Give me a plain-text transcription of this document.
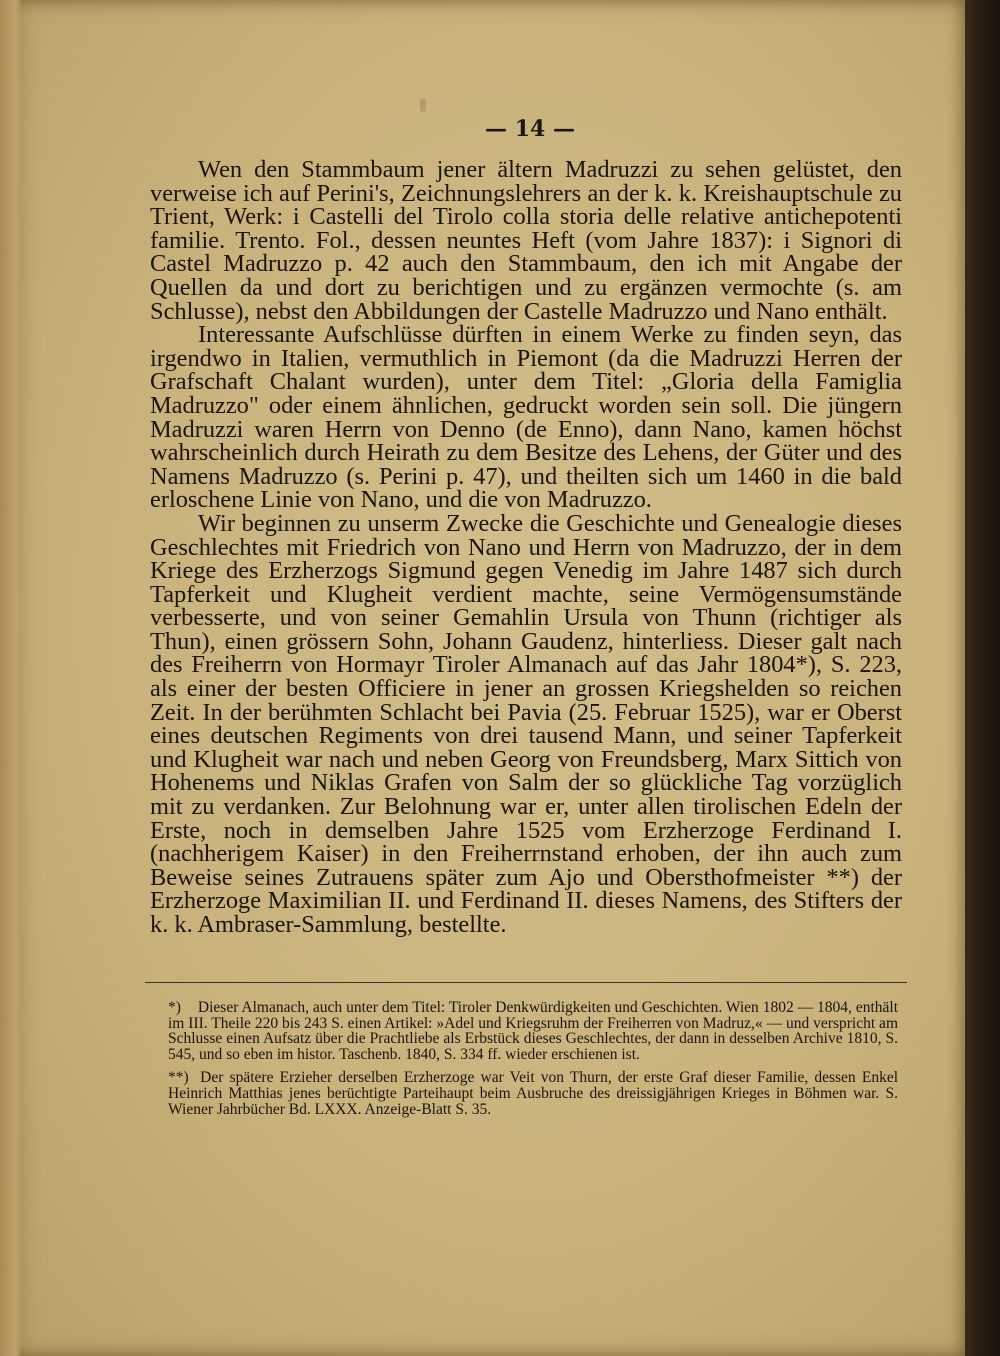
— 14 —

Wen den Stammbaum jener ältern Madruzzi zu sehen gelüstet, den verweise ich auf Perini's, Zeichnungslehrers an der k. k. Kreishauptschule zu Trient, Werk: i Castelli del Tirolo colla storia delle relative antichepotenti familie. Trento. Fol., dessen neuntes Heft (vom Jahre 1837): i Signori di Castel Madruzzo p. 42 auch den Stammbaum, den ich mit Angabe der Quellen da und dort zu berichtigen und zu ergänzen vermochte (s. am Schlusse), nebst den Abbildungen der Castelle Madruzzo und Nano enthält.

Interessante Aufschlüsse dürften in einem Werke zu finden seyn, das irgendwo in Italien, vermuthlich in Piemont (da die Madruzzi Herren der Grafschaft Chalant wurden), unter dem Titel: „Gloria della Famiglia Madruzzo" oder einem ähnlichen, gedruckt worden sein soll. Die jüngern Madruzzi waren Herrn von Denno (de Enno), dann Nano, kamen höchst wahrscheinlich durch Heirath zu dem Besitze des Lehens, der Güter und des Namens Madruzzo (s. Perini p. 47), und theilten sich um 1460 in die bald erloschene Linie von Nano, und die von Madruzzo.

Wir beginnen zu unserm Zwecke die Geschichte und Genealogie dieses Geschlechtes mit Friedrich von Nano und Herrn von Madruzzo, der in dem Kriege des Erzherzogs Sigmund gegen Venedig im Jahre 1487 sich durch Tapferkeit und Klugheit verdient machte, seine Vermögensumstände verbesserte, und von seiner Gemahlin Ursula von Thunn (richtiger als Thun), einen grössern Sohn, Johann Gaudenz, hinterliess. Dieser galt nach des Freiherrn von Hormayr Tiroler Almanach auf das Jahr 1804*), S. 223, als einer der besten Officiere in jener an grossen Kriegshelden so reichen Zeit. In der berühmten Schlacht bei Pavia (25. Februar 1525), war er Oberst eines deutschen Regiments von drei tausend Mann, und seiner Tapferkeit und Klugheit war nach und neben Georg von Freundsberg, Marx Sittich von Hohenems und Niklas Grafen von Salm der so glückliche Tag vorzüglich mit zu verdanken. Zur Belohnung war er, unter allen tirolischen Edeln der Erste, noch in demselben Jahre 1525 vom Erzherzoge Ferdinand I. (nachherigem Kaiser) in den Freiherrnstand erhoben, der ihn auch zum Beweise seines Zutrauens später zum Ajo und Obersthofmeister **) der Erzherzoge Maximilian II. und Ferdinand II. dieses Namens, des Stifters der k. k. Ambraser-Sammlung, bestellte.

*) Dieser Almanach, auch unter dem Titel: Tiroler Denkwürdigkeiten und Geschichten. Wien 1802 — 1804, enthält im III. Theile 220 bis 243 S. einen Artikel: »Adel und Kriegsruhm der Freiherren von Madruz,« — und verspricht am Schlusse einen Aufsatz über die Prachtliebe als Erbstück dieses Geschlechtes, der dann in desselben Archive 1810, S. 545, und so eben im histor. Taschenb. 1840, S. 334 ff. wieder erschienen ist.

**) Der spätere Erzieher derselben Erzherzoge war Veit von Thurn, der erste Graf dieser Familie, dessen Enkel Heinrich Matthias jenes berüchtigte Parteihaupt beim Ausbruche des dreissigjährigen Krieges in Böhmen war. S. Wiener Jahrbücher Bd. LXXX. Anzeige-Blatt S. 35.
